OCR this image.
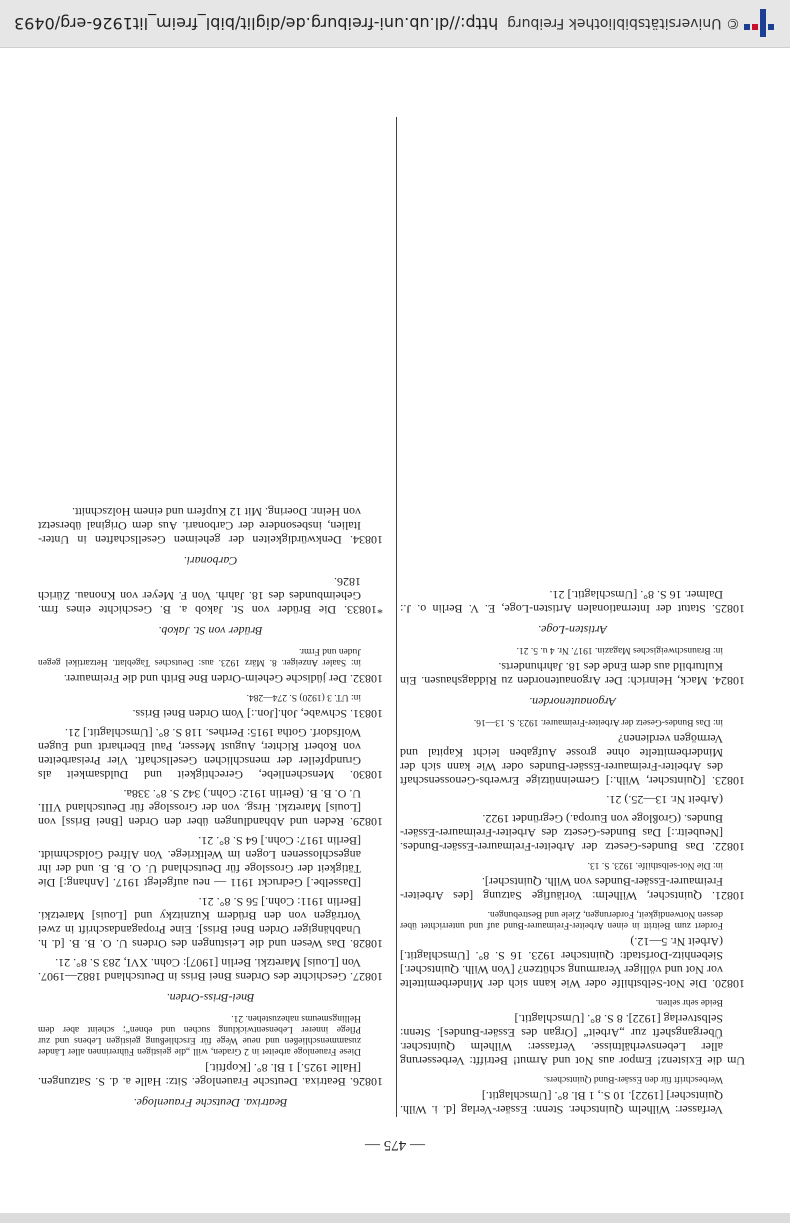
— 475 —
Verfasser: Wilhelm Quintscher. Stenn: Essäer-Verlag [d. i. Wilh. Quintscher] [1922]. 10 S., 1 Bl. 8°. [Umschlagtit.]
Werbeschrift für den Essäer-Bund Quintschers.
Um die Existenz! Empor aus Not und Armut! Betrifft: Verbesserung aller Lebensverhältnisse. Verfasser: Wilhelm Quintscher. Übergangsheft zur „Arbeit“ [Organ des Essäer-Bundes]. Stenn: Selbstverlag [1922]. 8 S. 8°. [Umschlagtit.]
Beide sehr selten.
10820. Die Not-Selbsthilfe oder Wie kann sich der Minderbemittelte vor Not und völliger Verarmung schützen? [Von Wilh. Quintscher.] Siebenhitz-Dorfstadt: Quintscher 1923. 16 S. 8°. [Umschlagtit.] (Arbeit Nr. 5—12.)
Fordert zum Beitritt in einen Arbeiter-Freimaurer-Bund auf und unterrichtet über dessen Notwendigkeit, Forderungen, Ziele und Bestrebungen.
10821. Quintscher, Wilhelm: Vorläufige Satzung [des Arbeiter-Freimaurer-Essäer-Bundes von Wilh. Quintscher].
in: Die Not-selbsthilfe. 1923. S. 13.
10822. Das Bundes-Gesetz der Arbeiter-Freimaurer-Essäer-Bundes. [Neubeitr.:] Das Bundes-Gesetz des Arbeiter-Freimaurer-Essäer-Bundes. (Großloge von Europa.) Gegründet 1922.
(Arbeit Nr. 13—25.) 21.
10823. [Quintscher, Wilh.:] Gemeinnützige Erwerbs-Genossenschaft des Arbeiter-Freimaurer-Essäer-Bundes oder Wie kann sich der Minderbemittelte ohne grosse Aufgaben leicht Kapital und Vermögen verdienen?
in: Das Bundes-Gesetz der Arbeiter-Freimaurer. 1923. S. 13—16.
Argonautenorden.
10824. Mack, Heinrich: Der Argonautenorden zu Riddagshausen. Ein Kulturbild aus dem Ende des 18. Jahrhunderts.
in: Braunschweigisches Magazin. 1917. Nr. 4 u. 5. 21.
Artisten-Loge.
10825. Statut der Internationalen Artisten-Loge, E. V. Berlin o. J.: Dalmer. 16 S. 8°. [Umschlagtit.] 21.
Beatrixa. Deutsche Frauenloge.
10826. Beatrixa. Deutsche Frauenloge. Sitz: Halle a. d. S. Satzungen. [Halle 1925.] 1 Bl. 8°. [Kopftit.]
Diese Frauenloge arbeitet in 2 Graden, will „die geistigen Führerinnen aller Länder zusammenschließen und neue Wege für Erschließung geistigen Lebens und zur Pflege innerer Lebensentwicklung suchen und ebnen“; scheint aber dem Hellingsmeums nahezustehen. 21.
Bnei-Briss-Orden.
10827. Geschichte des Ordens Bnei Briss in Deutschland 1882—1907. Von [Louis] Maretzki. Berlin [1907]: Cohn. XVI, 283 S. 8°. 21.
10828. Das Wesen und die Leistungen des Ordens U. O. B. B. [d. h. Unabhängiger Orden Bnei Briss]. Eine Propagandaschrift in zwei Vorträgen von den Brüdern Kuznitzky und [Louis] Maretzki. [Berlin 1911: Cohn.] 56 S. 8°. 21.
[Dasselbe.] Gedruckt 1911 — neu aufgelegt 1917. [Anhang:] Die Tätigkeit der Grossloge für Deutschland U. O. B. B. und der ihr angeschlossenen Logen im Weltkriege. Von Alfred Goldschmidt. [Berlin 1917: Cohn.] 64 S. 8°. 21.
10829. Reden und Abhandlungen über den Orden [Bnei Briss] von [Louis] Maretzki. Hrsg. von der Grossloge für Deutschland VIII. U. O. B. B. (Berlin 1912: Cohn.) 342 S. 8°. 338a.
10830. Menschenliebe, Gerechtigkeit und Duldsamkeit als Grundpfeiler der menschlichen Gesellschaft. Vier Preisarbeiten von Robert Richter, August Messer, Paul Eberhardt und Eugen Wolfsdorf. Gotha 1915: Perthes. 118 S. 8°. [Umschlagtit.] 21.
10831. Schwabe, Joh.[Jon.:] Vom Orden Bnei Briss.
in: UT. 3 (1920) S. 274—284.
10832. Der jüdische Geheim-Orden Bne Brith und die Freimaurer.
in: Saaler Anzeiger. 8. März 1923. aus: Deutsches Tageblatt. Hetzartikel gegen Juden und Frmr.
Brüder von St. Jakob.
*10833. Die Brüder von St. Jakob a. B. Geschichte eines frm. Geheimbundes des 18. Jahrh. Von F. Meyer von Knonau. Zürich 1826.
Carbonari.
10834. Denkwürdigkeiten der geheimen Gesellschaften in Unter-Italien, insbesondere der Carbonari. Aus dem Original übersetzt von Heinr. Doering. Mit 12 Kupfern und einem Holzschnitt.
© Universitätsbibliothek Freiburg
http://dl.ub.uni-freiburg.de/diglit/bibl_freim_lit1926-erg/0493
